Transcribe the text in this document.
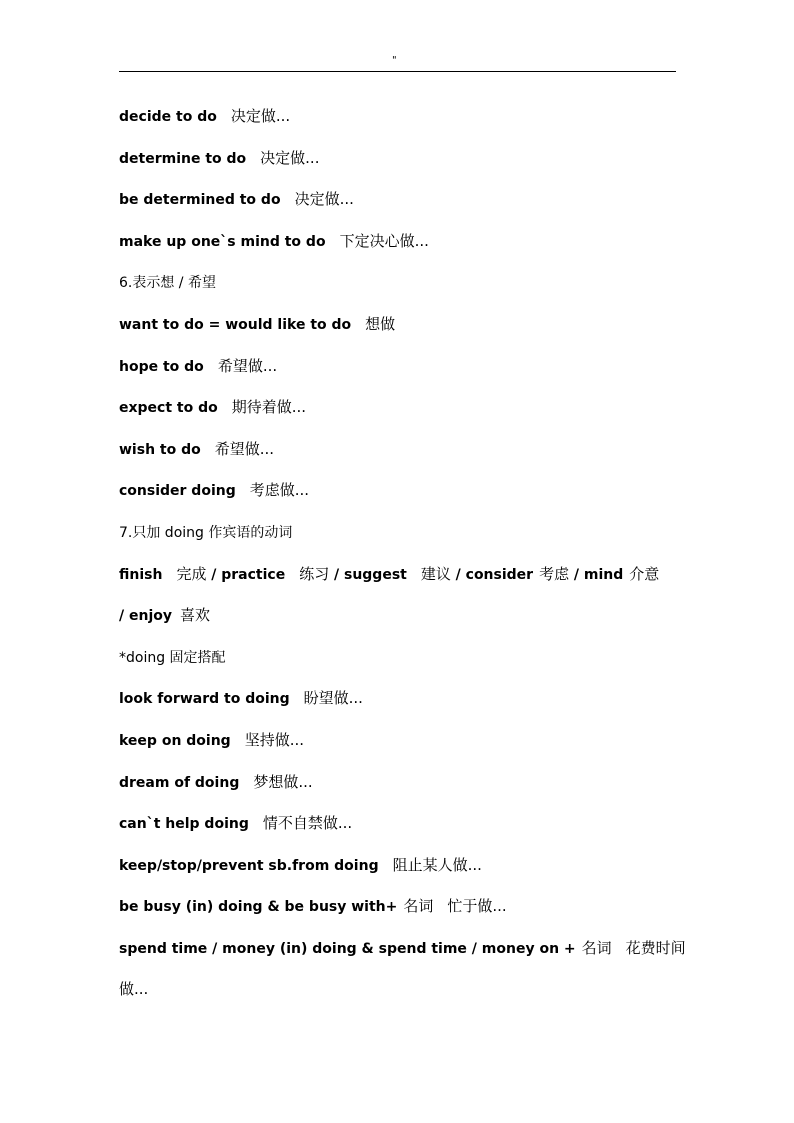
"
decide to do 决定做...
determine to do 决定做...
be determined to do 决定做...
make up one`s mind to do 下定决心做...
6.表示想 / 希望
want to do = would like to do 想做
hope to do 希望做...
expect to do 期待着做...
wish to do 希望做...
consider doing 考虑做...
7.只加 doing 作宾语的动词
finish 完成 / practice 练习 / suggest 建议 / consider 考虑 / mind 介意
/ enjoy 喜欢
*doing 固定搭配
look forward to doing 盼望做...
keep on doing 坚持做...
dream of doing 梦想做...
can`t help doing 情不自禁做...
keep/stop/prevent sb.from doing 阻止某人做...
be busy (in) doing & be busy with+ 名词 忙于做...
spend time / money (in) doing & spend time / money on + 名词 花费时间
做...
